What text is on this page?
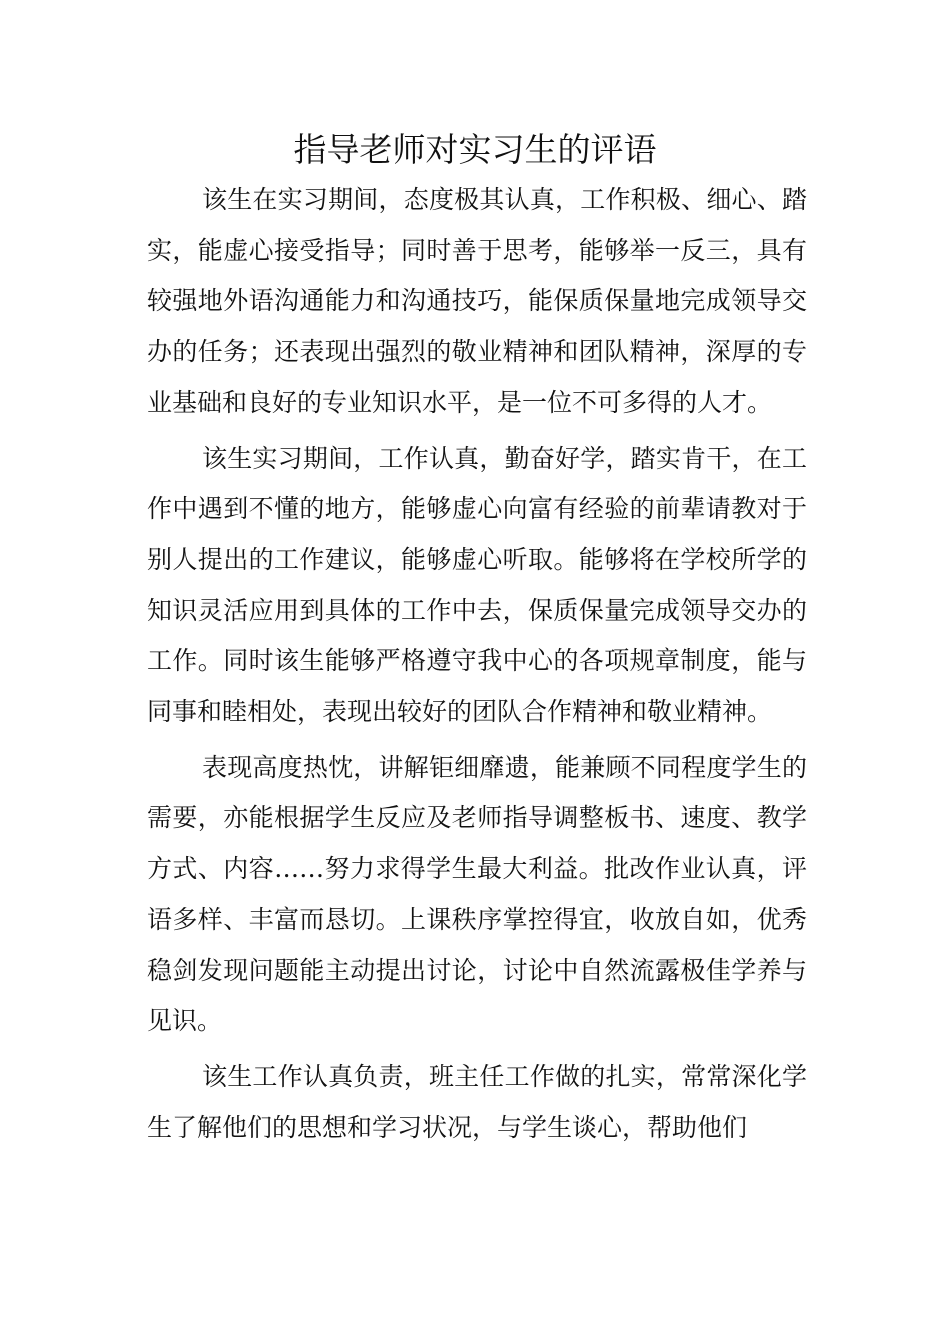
指导老师对实习生的评语

该生在实习期间，态度极其认真，工作积极、细心、踏实，能虚心接受指导；同时善于思考，能够举一反三，具有较强地外语沟通能力和沟通技巧，能保质保量地完成领导交办的任务；还表现出强烈的敬业精神和团队精神，深厚的专业基础和良好的专业知识水平，是一位不可多得的人才。

该生实习期间，工作认真，勤奋好学，踏实肯干，在工作中遇到不懂的地方，能够虚心向富有经验的前辈请教对于别人提出的工作建议，能够虚心听取。能够将在学校所学的知识灵活应用到具体的工作中去，保质保量完成领导交办的工作。同时该生能够严格遵守我中心的各项规章制度，能与同事和睦相处，表现出较好的团队合作精神和敬业精神。

表现高度热忱，讲解钜细靡遗，能兼顾不同程度学生的需要，亦能根据学生反应及老师指导调整板书、速度、教学方式、内容……努力求得学生最大利益。批改作业认真，评语多样、丰富而恳切。上课秩序掌控得宜，收放自如，优秀稳剑发现问题能主动提出讨论，讨论中自然流露极佳学养与见识。

该生工作认真负责，班主任工作做的扎实，常常深化学生了解他们的思想和学习状况，与学生谈心，帮助他们
